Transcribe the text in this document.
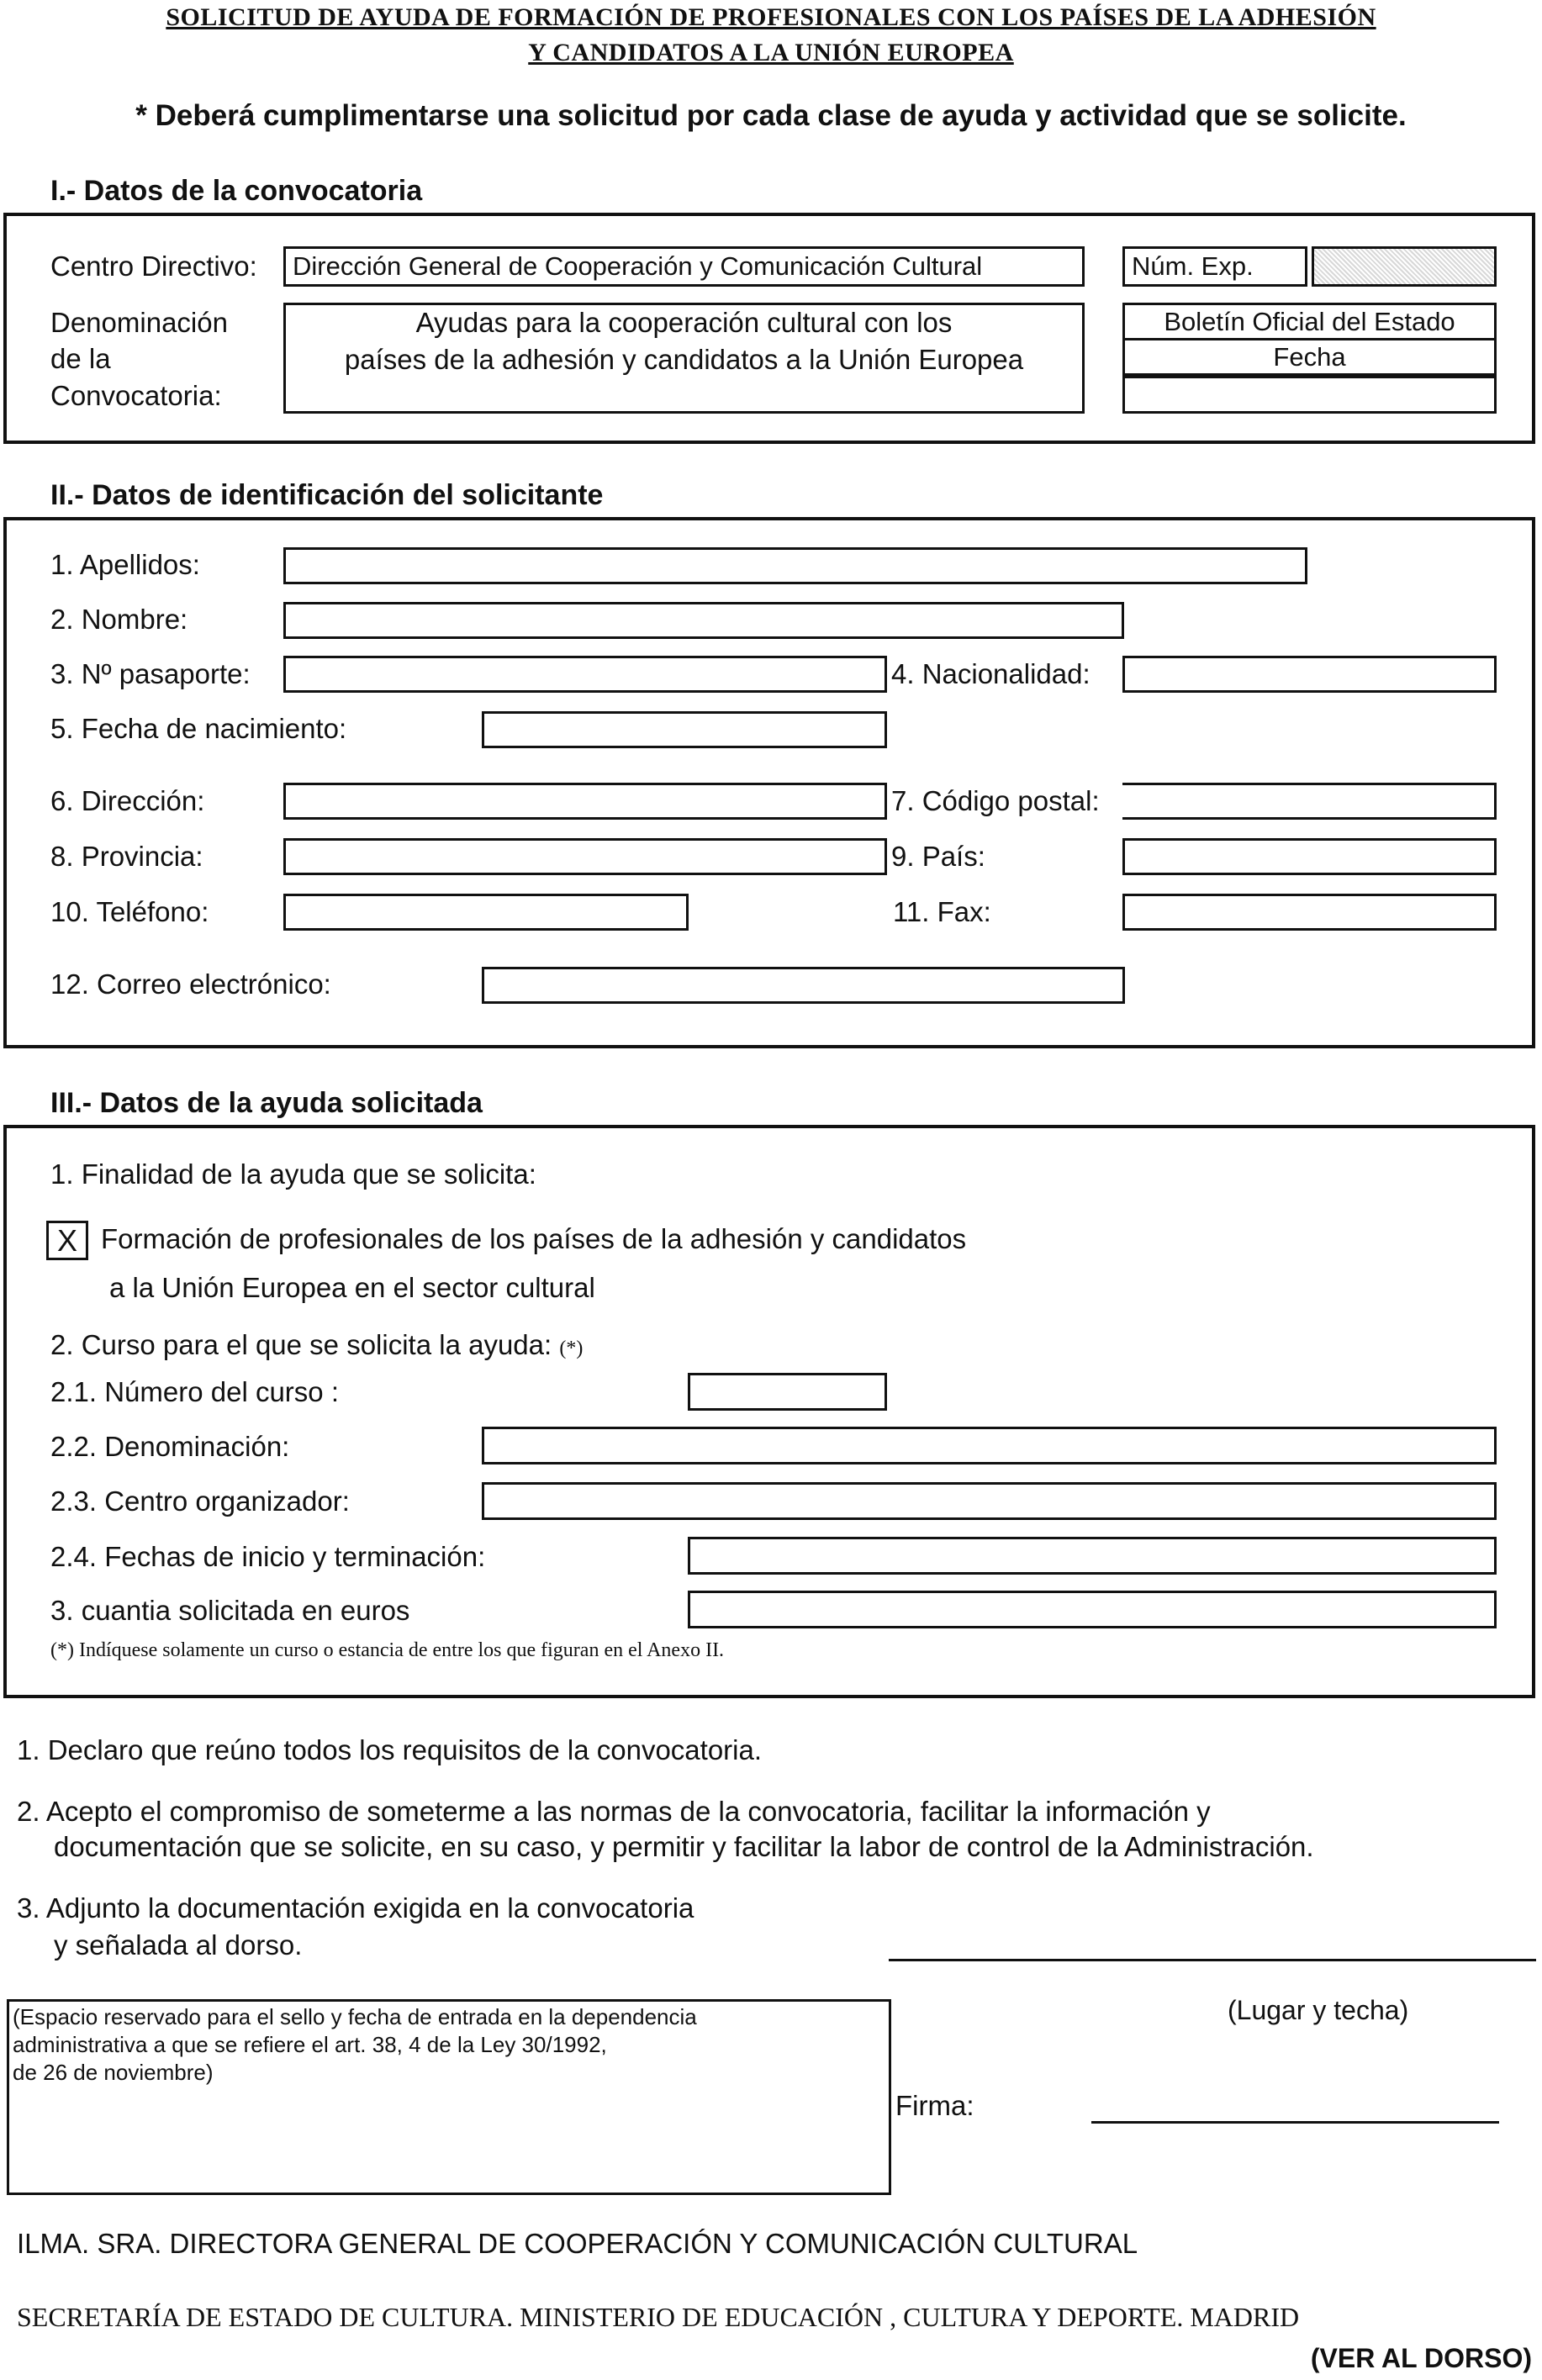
SOLICITUD DE AYUDA DE FORMACIÓN DE PROFESIONALES CON LOS PAÍSES DE LA ADHESIÓN
Y CANDIDATOS A LA UNIÓN EUROPEA
* Deberá cumplimentarse una solicitud por cada clase de ayuda y actividad que se solicite.
I.- Datos de la convocatoria
Centro Directivo:	Dirección General de Cooperación y Comunicación Cultural	Núm. Exp.
Denominación
de la
Convocatoria:
Ayudas para la cooperación cultural con los
países de la adhesión y candidatos a la Unión Europea
Boletín Oficial del Estado
Fecha
II.- Datos de identificación del solicitante
1. Apellidos:
2. Nombre:
3. Nº pasaporte:	4. Nacionalidad:
5. Fecha de nacimiento:
6. Dirección:	7. Código postal:
8. Provincia:	9. País:
10. Teléfono:	11. Fax:
12. Correo electrónico:
III.- Datos de la ayuda solicitada
1. Finalidad de la ayuda que se solicita:
X Formación de profesionales de los países de la adhesión y candidatos
a la Unión Europea en el sector cultural
2. Curso para el que se solicita la ayuda: (*)
2.1. Número del curso :
2.2. Denominación:
2.3. Centro organizador:
2.4. Fechas de inicio y terminación:
3. cuantia solicitada en euros
(*) Indíquese solamente un curso o estancia de entre los que figuran en el Anexo II.
1. Declaro que reúno todos los requisitos de la convocatoria.
2. Acepto el compromiso de someterme a las normas de la convocatoria, facilitar la información y
documentación que se solicite, en su caso, y permitir y facilitar la labor de control de la Administración.
3. Adjunto la documentación exigida en la convocatoria
y señalada al dorso.
(Lugar y techa)
(Espacio reservado para el sello y fecha de entrada en la dependencia
administrativa a que se refiere el art. 38, 4 de la Ley 30/1992,
de 26 de noviembre)
Firma:
ILMA. SRA. DIRECTORA GENERAL DE COOPERACIÓN Y COMUNICACIÓN CULTURAL
SECRETARÍA DE ESTADO DE CULTURA. MINISTERIO DE EDUCACIÓN , CULTURA Y DEPORTE. MADRID
(VER AL DORSO)
